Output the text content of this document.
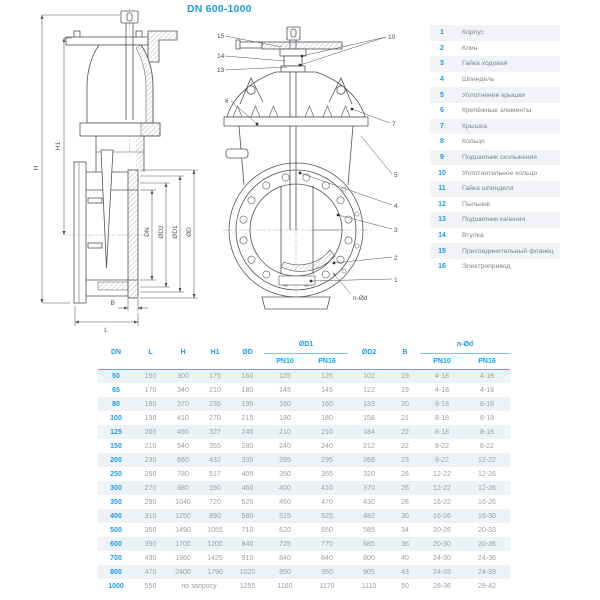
DN 600-1000
H
H1
DN ØD2 ØD1 ØD
B
L
15
14
13
6
10
7
5
4
3
2
1
n-Ød
1	Корпус
2	Клин
3	Гайка ходовая
4	Шпиндель
5	Уплотнение крышки
6	Крепёжные элементы
7	Крышка
8	Кольцо
9	Подшипник скольжения
10	Уплотнительное кольцо
11	Гайка шпинделя
12	Пыльник
13	Подшипник качения
14	Втулка
15	Присоединительный фланец
16	Электропривод
DN	L	H	H1	ØD	ØD1		ØD2	B	n-Ød	
					PN10	PN16			PN10	PN16
50	150	300	175	160	125	125	102	19	4-18	4-18
65	170	340	210	180	145	145	122	19	4-18	4-18
80	180	370	235	195	160	160	133	20	8-18	8-18
100	190	410	270	215	180	180	158	21	8-18	8-18
125	200	495	327	245	210	210	184	22	8-18	8-18
150	210	540	355	280	240	240	212	22	8-22	8-22
200	230	660	432	335	295	295	268	23	8-22	12-22
250	250	780	517	405	350	355	320	26	12-22	12-26
300	270	880	590	460	400	410	370	26	12-22	12-26
350	290	1040	720	520	460	470	430	28	16-22	16-26
400	310	1250	890	580	515	525	482	30	16-26	16-30
500	350	1490	1055	710	620	650	585	34	20-26	20-33
600	390	1700	1200	840	725	770	685	36	20-30	20-36
700	430	1960	1425	910	840	840	800	40	24-30	24-36
800	470	2400	1790	1020	950	950	905	43	24-33	24-39
1000	550	по запросу		1255	1160	1170	1110	50	28-36	28-42
